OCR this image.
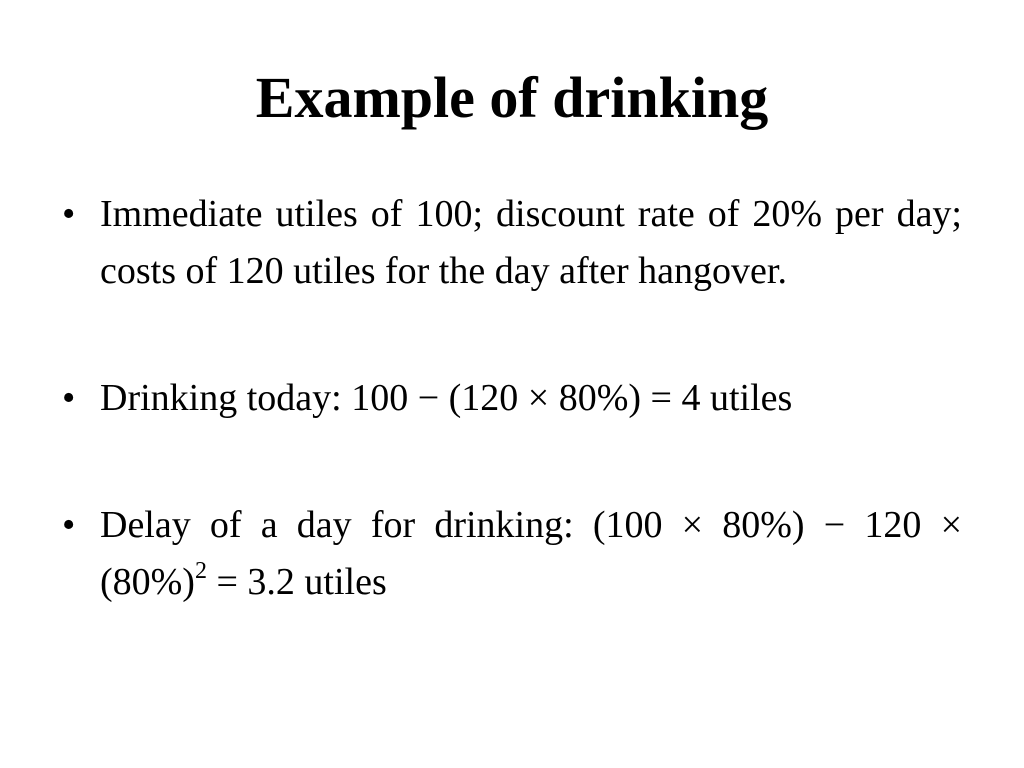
Example of drinking
• Immediate utiles of 100; discount rate of 20% per day; costs of 120 utiles for the day after hangover.
• Drinking today: 100 − (120 × 80%) = 4 utiles
• Delay of a day for drinking: $(100 \times 80\%) - 120 \times (80\%)^2 = 3.2$ utiles
